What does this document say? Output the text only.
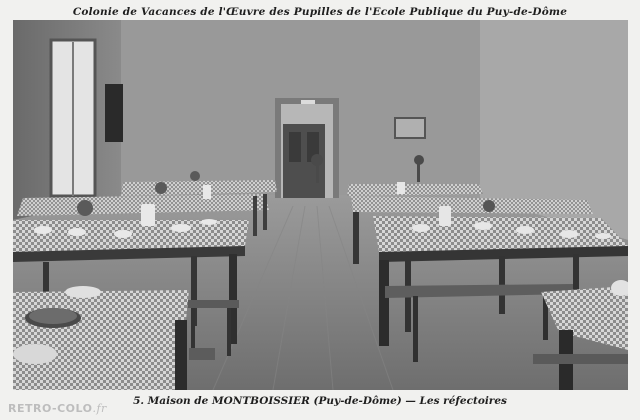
Colonie de Vacances de l'Œuvre des Pupilles de l'Ecole Publique du Puy-de-Dôme
5. Maison de MONTBOISSIER (Puy-de-Dôme) — Les réfectoires
RETRO-COLO.fr
